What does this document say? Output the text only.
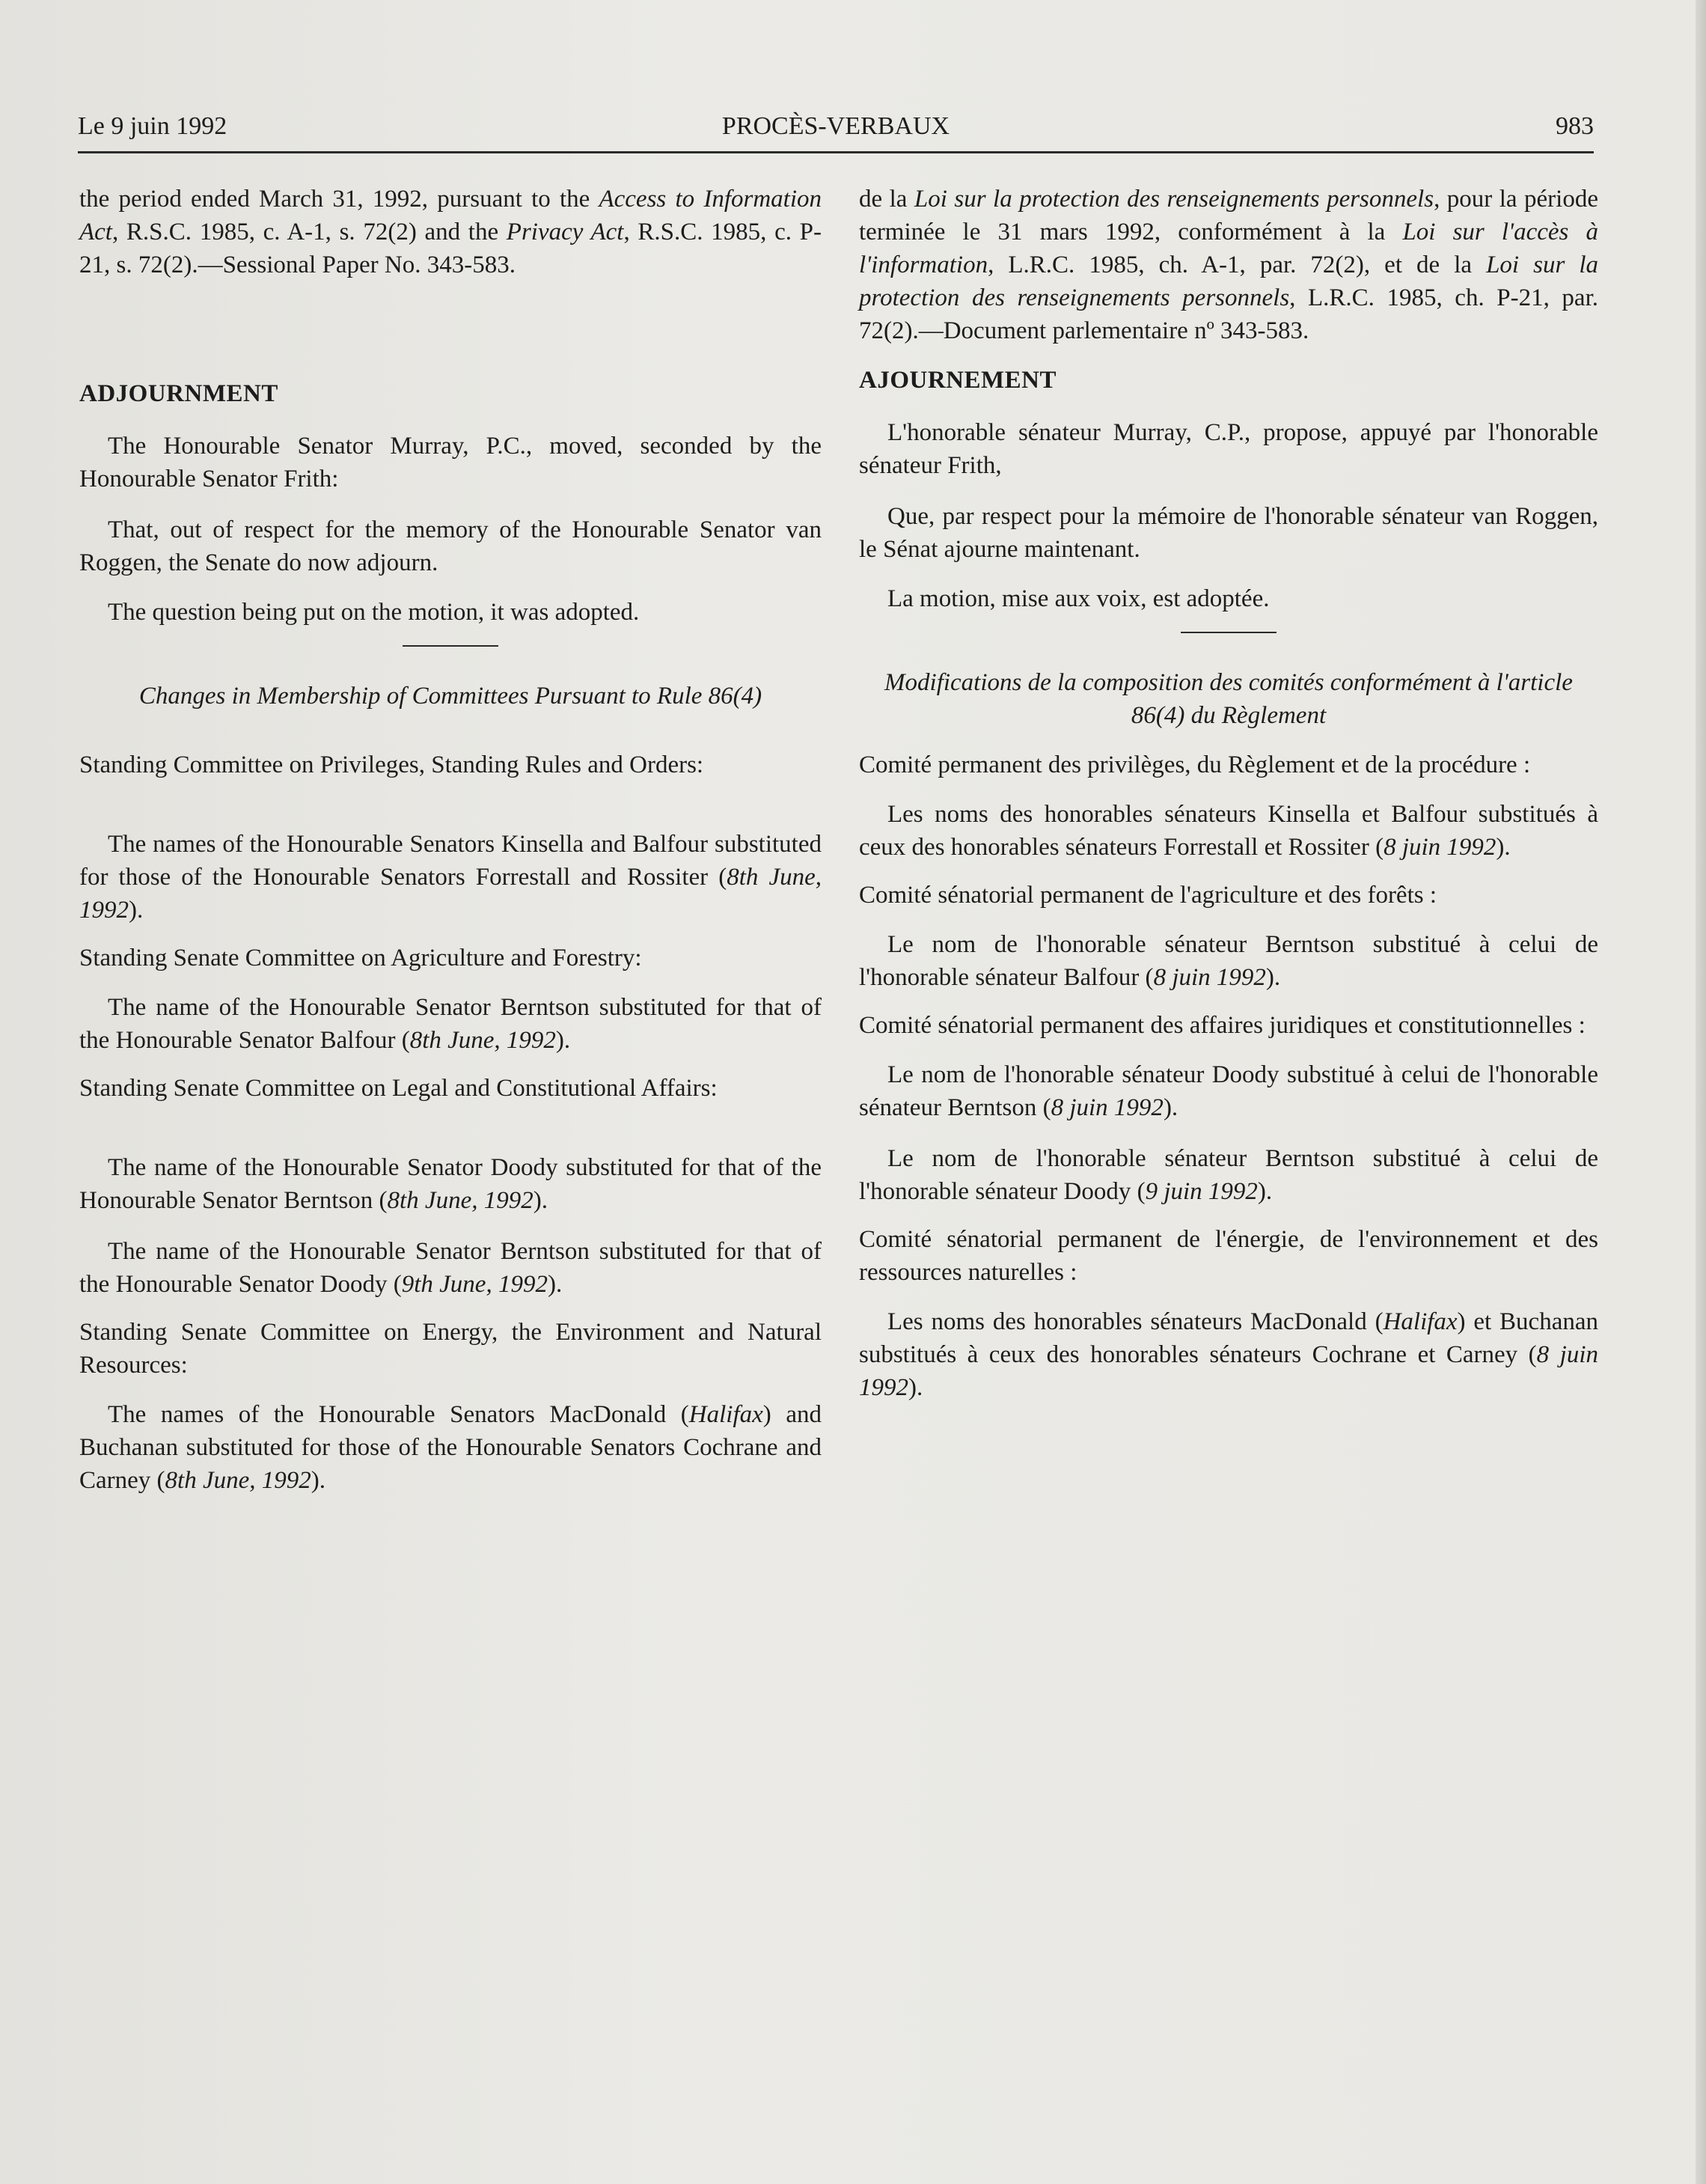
Le 9 juin 1992	PROCÈS-VERBAUX	983

the period ended March 31, 1992, pursuant to the Access to Information Act, R.S.C. 1985, c. A-1, s. 72(2) and the Privacy Act, R.S.C. 1985, c. P-21, s. 72(2).—Sessional Paper No. 343-583.

ADJOURNMENT

The Honourable Senator Murray, P.C., moved, seconded by the Honourable Senator Frith:

That, out of respect for the memory of the Honourable Senator van Roggen, the Senate do now adjourn.

The question being put on the motion, it was adopted.

Changes in Membership of Committees Pursuant to Rule 86(4)

Standing Committee on Privileges, Standing Rules and Orders:

The names of the Honourable Senators Kinsella and Balfour substituted for those of the Honourable Senators Forrestall and Rossiter (8th June, 1992).

Standing Senate Committee on Agriculture and Forestry:

The name of the Honourable Senator Berntson substituted for that of the Honourable Senator Balfour (8th June, 1992).

Standing Senate Committee on Legal and Constitutional Affairs:

The name of the Honourable Senator Doody substituted for that of the Honourable Senator Berntson (8th June, 1992).

The name of the Honourable Senator Berntson substituted for that of the Honourable Senator Doody (9th June, 1992).

Standing Senate Committee on Energy, the Environment and Natural Resources:

The names of the Honourable Senators MacDonald (Halifax) and Buchanan substituted for those of the Honourable Senators Cochrane and Carney (8th June, 1992).

de la Loi sur la protection des renseignements personnels, pour la période terminée le 31 mars 1992, conformément à la Loi sur l'accès à l'information, L.R.C. 1985, ch. A-1, par. 72(2), et de la Loi sur la protection des renseignements personnels, L.R.C. 1985, ch. P-21, par. 72(2).—Document parlementaire nº 343-583.

AJOURNEMENT

L'honorable sénateur Murray, C.P., propose, appuyé par l'honorable sénateur Frith,

Que, par respect pour la mémoire de l'honorable sénateur van Roggen, le Sénat ajourne maintenant.

La motion, mise aux voix, est adoptée.

Modifications de la composition des comités conformément à l'article 86(4) du Règlement

Comité permanent des privilèges, du Règlement et de la procédure :

Les noms des honorables sénateurs Kinsella et Balfour substitués à ceux des honorables sénateurs Forrestall et Rossiter (8 juin 1992).

Comité sénatorial permanent de l'agriculture et des forêts :

Le nom de l'honorable sénateur Berntson substitué à celui de l'honorable sénateur Balfour (8 juin 1992).

Comité sénatorial permanent des affaires juridiques et constitutionnelles :

Le nom de l'honorable sénateur Doody substitué à celui de l'honorable sénateur Berntson (8 juin 1992).

Le nom de l'honorable sénateur Berntson substitué à celui de l'honorable sénateur Doody (9 juin 1992).

Comité sénatorial permanent de l'énergie, de l'environnement et des ressources naturelles :

Les noms des honorables sénateurs MacDonald (Halifax) et Buchanan substitués à ceux des honorables sénateurs Cochrane et Carney (8 juin 1992).
